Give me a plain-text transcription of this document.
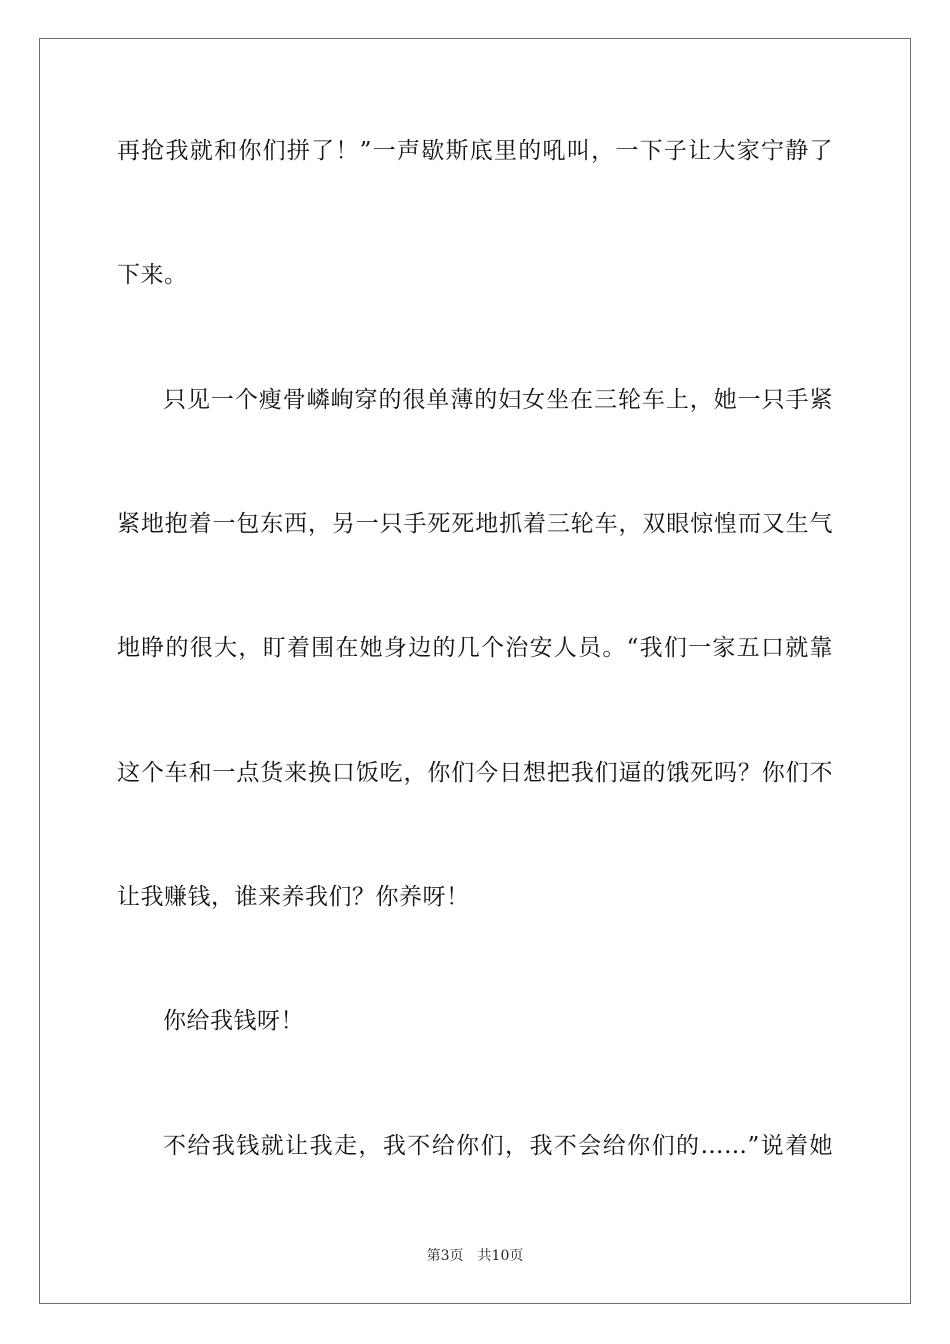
再抢我就和你们拼了！”一声歇斯底里的吼叫，一下子让大家宁静了
下来。
只见一个瘦骨嶙峋穿的很单薄的妇女坐在三轮车上，她一只手紧
紧地抱着一包东西，另一只手死死地抓着三轮车，双眼惊惶而又生气
地睁的很大，盯着围在她身边的几个治安人员。“我们一家五口就靠
这个车和一点货来换口饭吃，你们今日想把我们逼的饿死吗？你们不
让我赚钱，谁来养我们？你养呀！
你给我钱呀！
不给我钱就让我走，我不给你们，我不会给你们的……”说着她
第3页 共10页
